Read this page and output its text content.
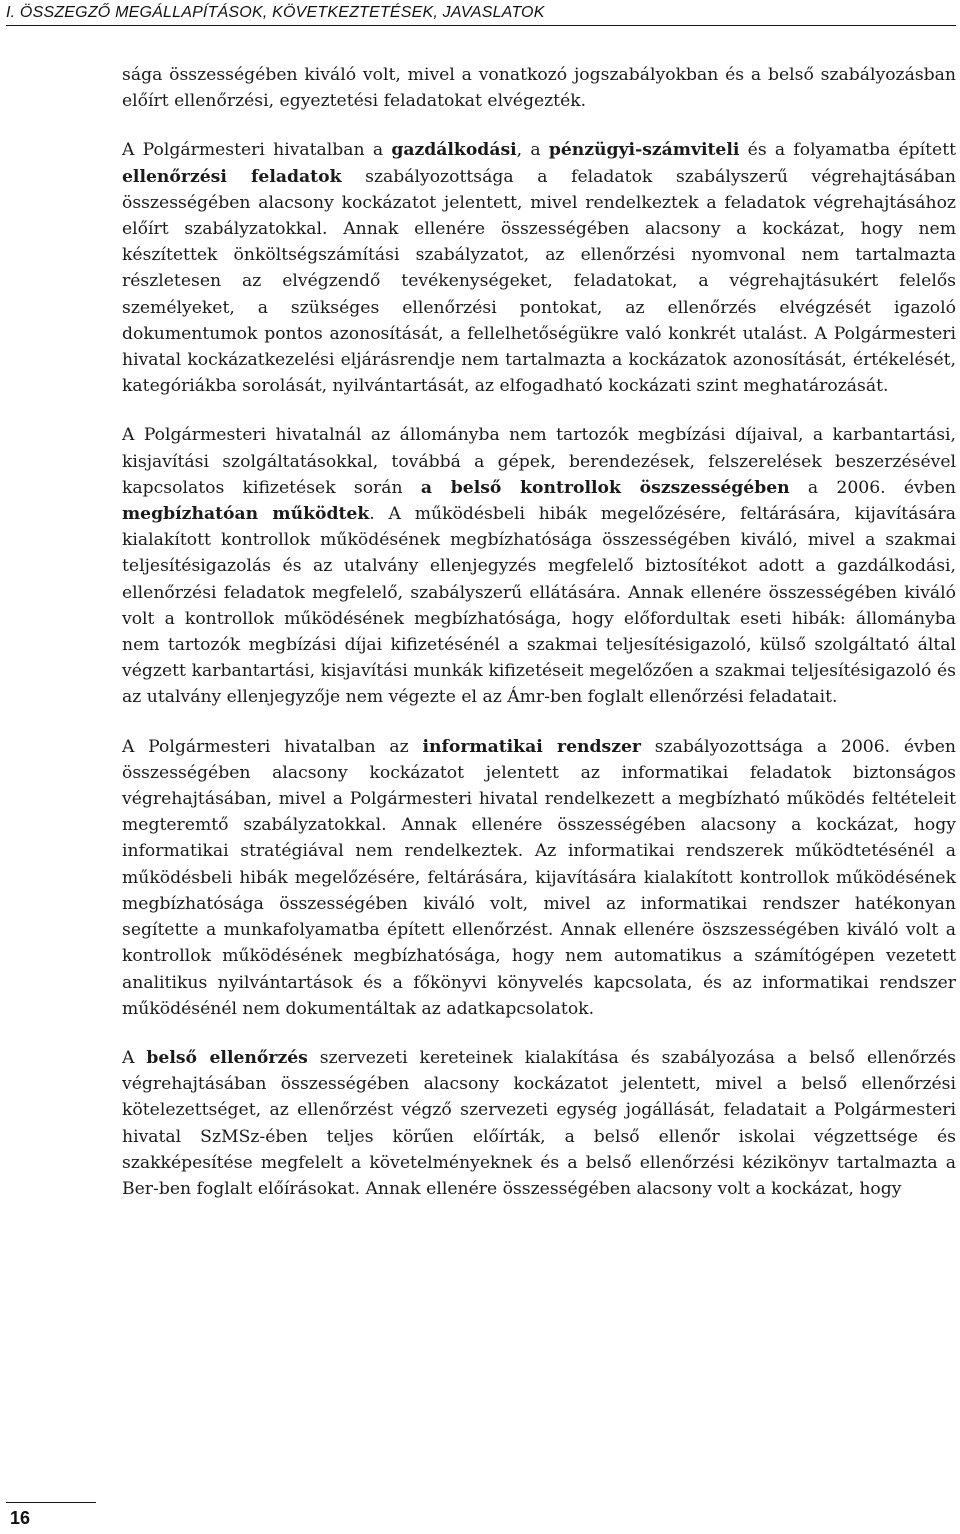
I. ÖSSZEGZŐ MEGÁLLAPÍTÁSOK, KÖVETKEZTETÉSEK, JAVASLATOK

sága összességében kiváló volt, mivel a vonatkozó jogszabályokban és a belső szabályozásban előírt ellenőrzési, egyeztetési feladatokat elvégezték.

A Polgármesteri hivatalban a gazdálkodási, a pénzügyi-számviteli és a folyamatba épített ellenőrzési feladatok szabályozottsága a feladatok szabályszerű végrehajtásában összességében alacsony kockázatot jelentett, mivel rendelkeztek a feladatok végrehajtásához előírt szabályzatokkal. Annak ellenére összességében alacsony a kockázat, hogy nem készítettek önköltségszámítási szabályzatot, az ellenőrzési nyomvonal nem tartalmazta részletesen az elvégzendő tevékenységeket, feladatokat, a végrehajtásukért felelős személyeket, a szükséges ellenőrzési pontokat, az ellenőrzés elvégzését igazoló dokumentumok pontos azonosítását, a fellelhetőségükre való konkrét utalást. A Polgármesteri hivatal kockázatkezelési eljárásrendje nem tartalmazta a kockázatok azonosítását, értékelését, kategóriákba sorolását, nyilvántartását, az elfogadható kockázati szint meghatározását.

A Polgármesteri hivatalnál az állományba nem tartozók megbízási díjaival, a karbantartási, kisjavítási szolgáltatásokkal, továbbá a gépek, berendezések, felszerelések beszerzésével kapcsolatos kifizetések során a belső kontrollok öszszességében a 2006. évben megbízhatóan működtek. A működésbeli hibák megelőzésére, feltárására, kijavítására kialakított kontrollok működésének megbízhatósága összességében kiváló, mivel a szakmai teljesítésigazolás és az utalvány ellenjegyzés megfelelő biztosítékot adott a gazdálkodási, ellenőrzési feladatok megfelelő, szabályszerű ellátására. Annak ellenére összességében kiváló volt a kontrollok működésének megbízhatósága, hogy előfordultak eseti hibák: állományba nem tartozók megbízási díjai kifizetésénél a szakmai teljesítésigazoló, külső szolgáltató által végzett karbantartási, kisjavítási munkák kifizetéseit megelőzően a szakmai teljesítésigazoló és az utalvány ellenjegyzője nem végezte el az Ámr-ben foglalt ellenőrzési feladatait.

A Polgármesteri hivatalban az informatikai rendszer szabályozottsága a 2006. évben összességében alacsony kockázatot jelentett az informatikai feladatok biztonságos végrehajtásában, mivel a Polgármesteri hivatal rendelkezett a megbízható működés feltételeit megteremtő szabályzatokkal. Annak ellenére összességében alacsony a kockázat, hogy informatikai stratégiával nem rendelkeztek. Az informatikai rendszerek működtetésénél a működésbeli hibák megelőzésére, feltárására, kijavítására kialakított kontrollok működésének megbízhatósága összességében kiváló volt, mivel az informatikai rendszer hatékonyan segítette a munkafolyamatba épített ellenőrzést. Annak ellenére öszszességében kiváló volt a kontrollok működésének megbízhatósága, hogy nem automatikus a számítógépen vezetett analitikus nyilvántartások és a főkönyvi könyvelés kapcsolata, és az informatikai rendszer működésénél nem dokumentáltak az adatkapcsolatok.

A belső ellenőrzés szervezeti kereteinek kialakítása és szabályozása a belső ellenőrzés végrehajtásában összességében alacsony kockázatot jelentett, mivel a belső ellenőrzési kötelezettséget, az ellenőrzést végző szervezeti egység jogállását, feladatait a Polgármesteri hivatal SzMSz-ében teljes körűen előírták, a belső ellenőr iskolai végzettsége és szakképesítése megfelelt a követelményeknek és a belső ellenőrzési kézikönyv tartalmazta a Ber-ben foglalt előírásokat. Annak ellenére összességében alacsony volt a kockázat, hogy

16
